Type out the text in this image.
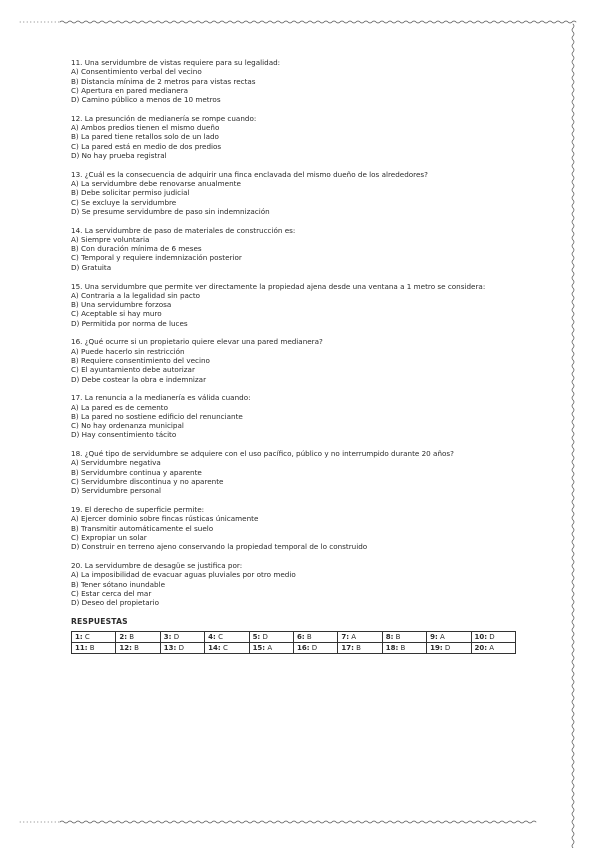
11. Una servidumbre de vistas requiere para su legalidad:
A) Consentimiento verbal del vecino
B) Distancia mínima de 2 metros para vistas rectas
C) Apertura en pared medianera
D) Camino público a menos de 10 metros
12. La presunción de medianería se rompe cuando:
A) Ambos predios tienen el mismo dueño
B) La pared tiene retallos solo de un lado
C) La pared está en medio de dos predios
D) No hay prueba registral
13. ¿Cuál es la consecuencia de adquirir una finca enclavada del mismo dueño de los alrededores?
A) La servidumbre debe renovarse anualmente
B) Debe solicitar permiso judicial
C) Se excluye la servidumbre
D) Se presume servidumbre de paso sin indemnización
14. La servidumbre de paso de materiales de construcción es:
A) Siempre voluntaria
B) Con duración mínima de 6 meses
C) Temporal y requiere indemnización posterior
D) Gratuita
15. Una servidumbre que permite ver directamente la propiedad ajena desde una ventana a 1 metro se considera:
A) Contraria a la legalidad sin pacto
B) Una servidumbre forzosa
C) Aceptable si hay muro
D) Permitida por norma de luces
16. ¿Qué ocurre si un propietario quiere elevar una pared medianera?
A) Puede hacerlo sin restricción
B) Requiere consentimiento del vecino
C) El ayuntamiento debe autorizar
D) Debe costear la obra e indemnizar
17. La renuncia a la medianería es válida cuando:
A) La pared es de cemento
B) La pared no sostiene edificio del renunciante
C) No hay ordenanza municipal
D) Hay consentimiento tácito
18. ¿Qué tipo de servidumbre se adquiere con el uso pacífico, público y no interrumpido durante 20 años?
A) Servidumbre negativa
B) Servidumbre continua y aparente
C) Servidumbre discontinua y no aparente
D) Servidumbre personal
19. El derecho de superficie permite:
A) Ejercer dominio sobre fincas rústicas únicamente
B) Transmitir automáticamente el suelo
C) Expropiar un solar
D) Construir en terreno ajeno conservando la propiedad temporal de lo construido
20. La servidumbre de desagüe se justifica por:
A) La imposibilidad de evacuar aguas pluviales por otro medio
B) Tener sótano inundable
C) Estar cerca del mar
D) Deseo del propietario
RESPUESTAS
1: C	2: B	3: D	4: C	5: D	6: B	7: A	8: B	9: A	10: D
11: B	12: B	13: D	14: C	15: A	16: D	17: B	18: B	19: D	20: A
